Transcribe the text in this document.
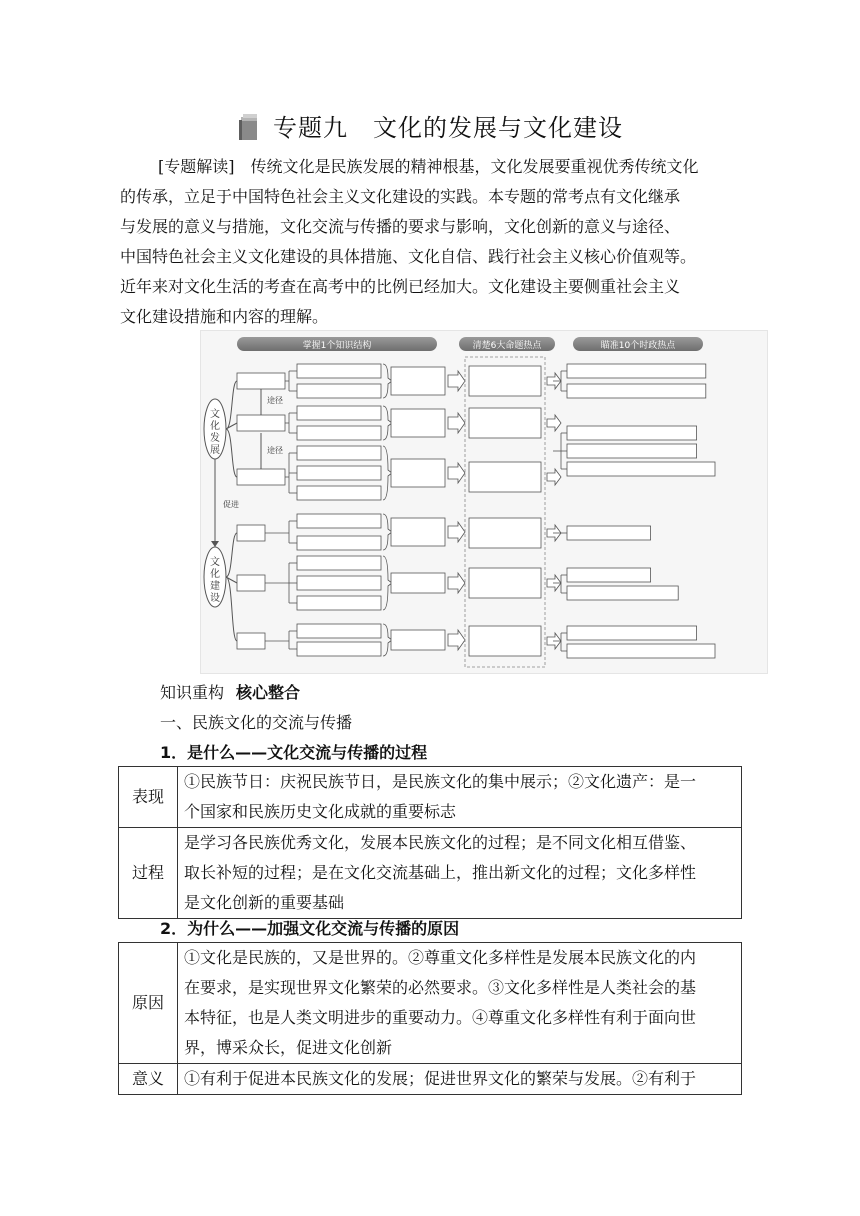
专题九　文化的发展与文化建设
[专题解读] 传统文化是民族发展的精神根基，文化发展要重视优秀传统文化
的传承，立足于中国特色社会主义文化建设的实践。本专题的常考点有文化继承
与发展的意义与措施，文化交流与传播的要求与影响，文化创新的意义与途径、
中国特色社会主义文化建设的具体措施、文化自信、践行社会主义核心价值观等。
近年来对文化生活的考查在高考中的比例已经加大。文化建设主要侧重社会主义
文化建设措施和内容的理解。
掌握1个知识结构	清楚6大命题热点	瞄准10个时政热点
文
化
发
展
文
化
建
设
促进
途径
途径
知识重构 核心整合
一、民族文化的交流与传播
1．是什么——文化交流与传播的过程
表现	①民族节日：庆祝民族节日，是民族文化的集中展示；②文化遗产：是一
个国家和民族历史文化成就的重要标志

过程	是学习各民族优秀文化，发展本民族文化的过程；是不同文化相互借鉴、
取长补短的过程；是在文化交流基础上，推出新文化的过程；文化多样性
是文化创新的重要基础
2．为什么——加强文化交流与传播的原因
原因	①文化是民族的，又是世界的。②尊重文化多样性是发展本民族文化的内
在要求，是实现世界文化繁荣的必然要求。③文化多样性是人类社会的基
本特征，也是人类文明进步的重要动力。④尊重文化多样性有利于面向世
界，博采众长，促进文化创新

意义	①有利于促进本民族文化的发展；促进世界文化的繁荣与发展。②有利于
